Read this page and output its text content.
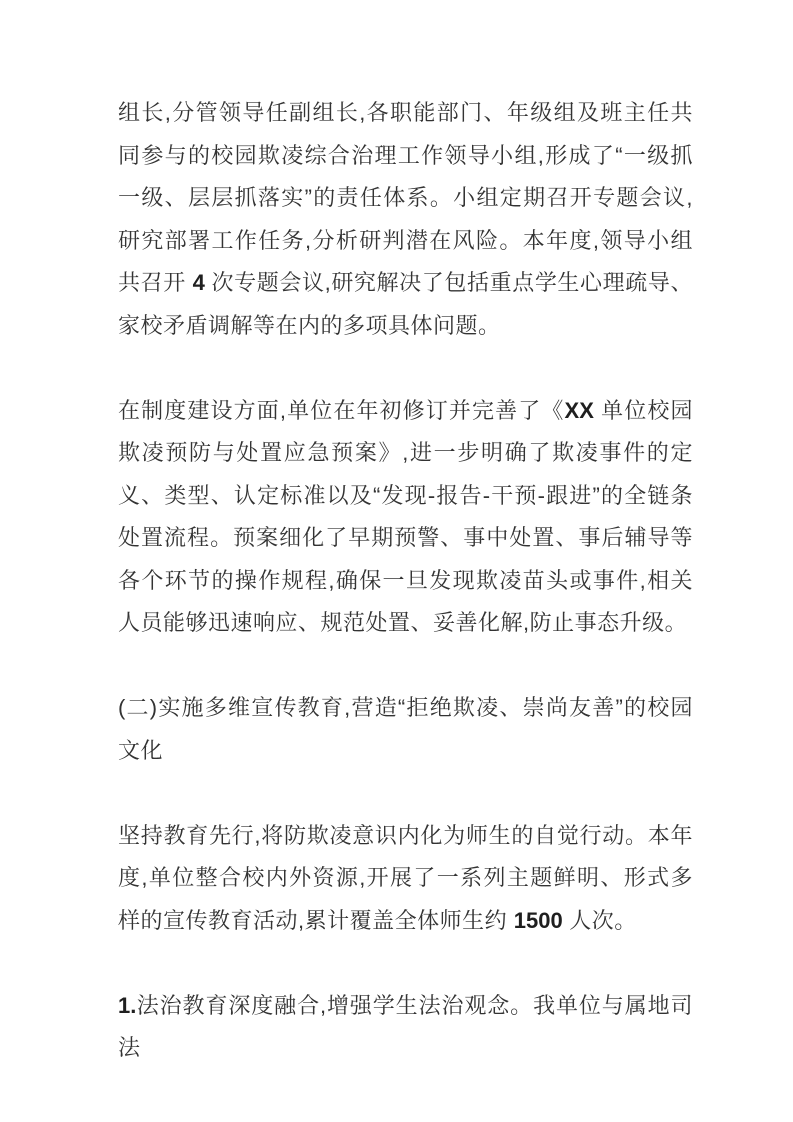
组长,分管领导任副组长,各职能部门、年级组及班主任共同参与的校园欺凌综合治理工作领导小组,形成了“一级抓一级、层层抓落实”的责任体系。小组定期召开专题会议,研究部署工作任务,分析研判潜在风险。本年度,领导小组共召开 4 次专题会议,研究解决了包括重点学生心理疏导、家校矛盾调解等在内的多项具体问题。

在制度建设方面,单位在年初修订并完善了《XX 单位校园欺凌预防与处置应急预案》,进一步明确了欺凌事件的定义、类型、认定标准以及“发现-报告-干预-跟进”的全链条处置流程。预案细化了早期预警、事中处置、事后辅导等各个环节的操作规程,确保一旦发现欺凌苗头或事件,相关人员能够迅速响应、规范处置、妥善化解,防止事态升级。

(二)实施多维宣传教育,营造“拒绝欺凌、崇尚友善”的校园文化

坚持教育先行,将防欺凌意识内化为师生的自觉行动。本年度,单位整合校内外资源,开展了一系列主题鲜明、形式多样的宣传教育活动,累计覆盖全体师生约 1500 人次。

1.法治教育深度融合,增强学生法治观念。我单位与属地司法
